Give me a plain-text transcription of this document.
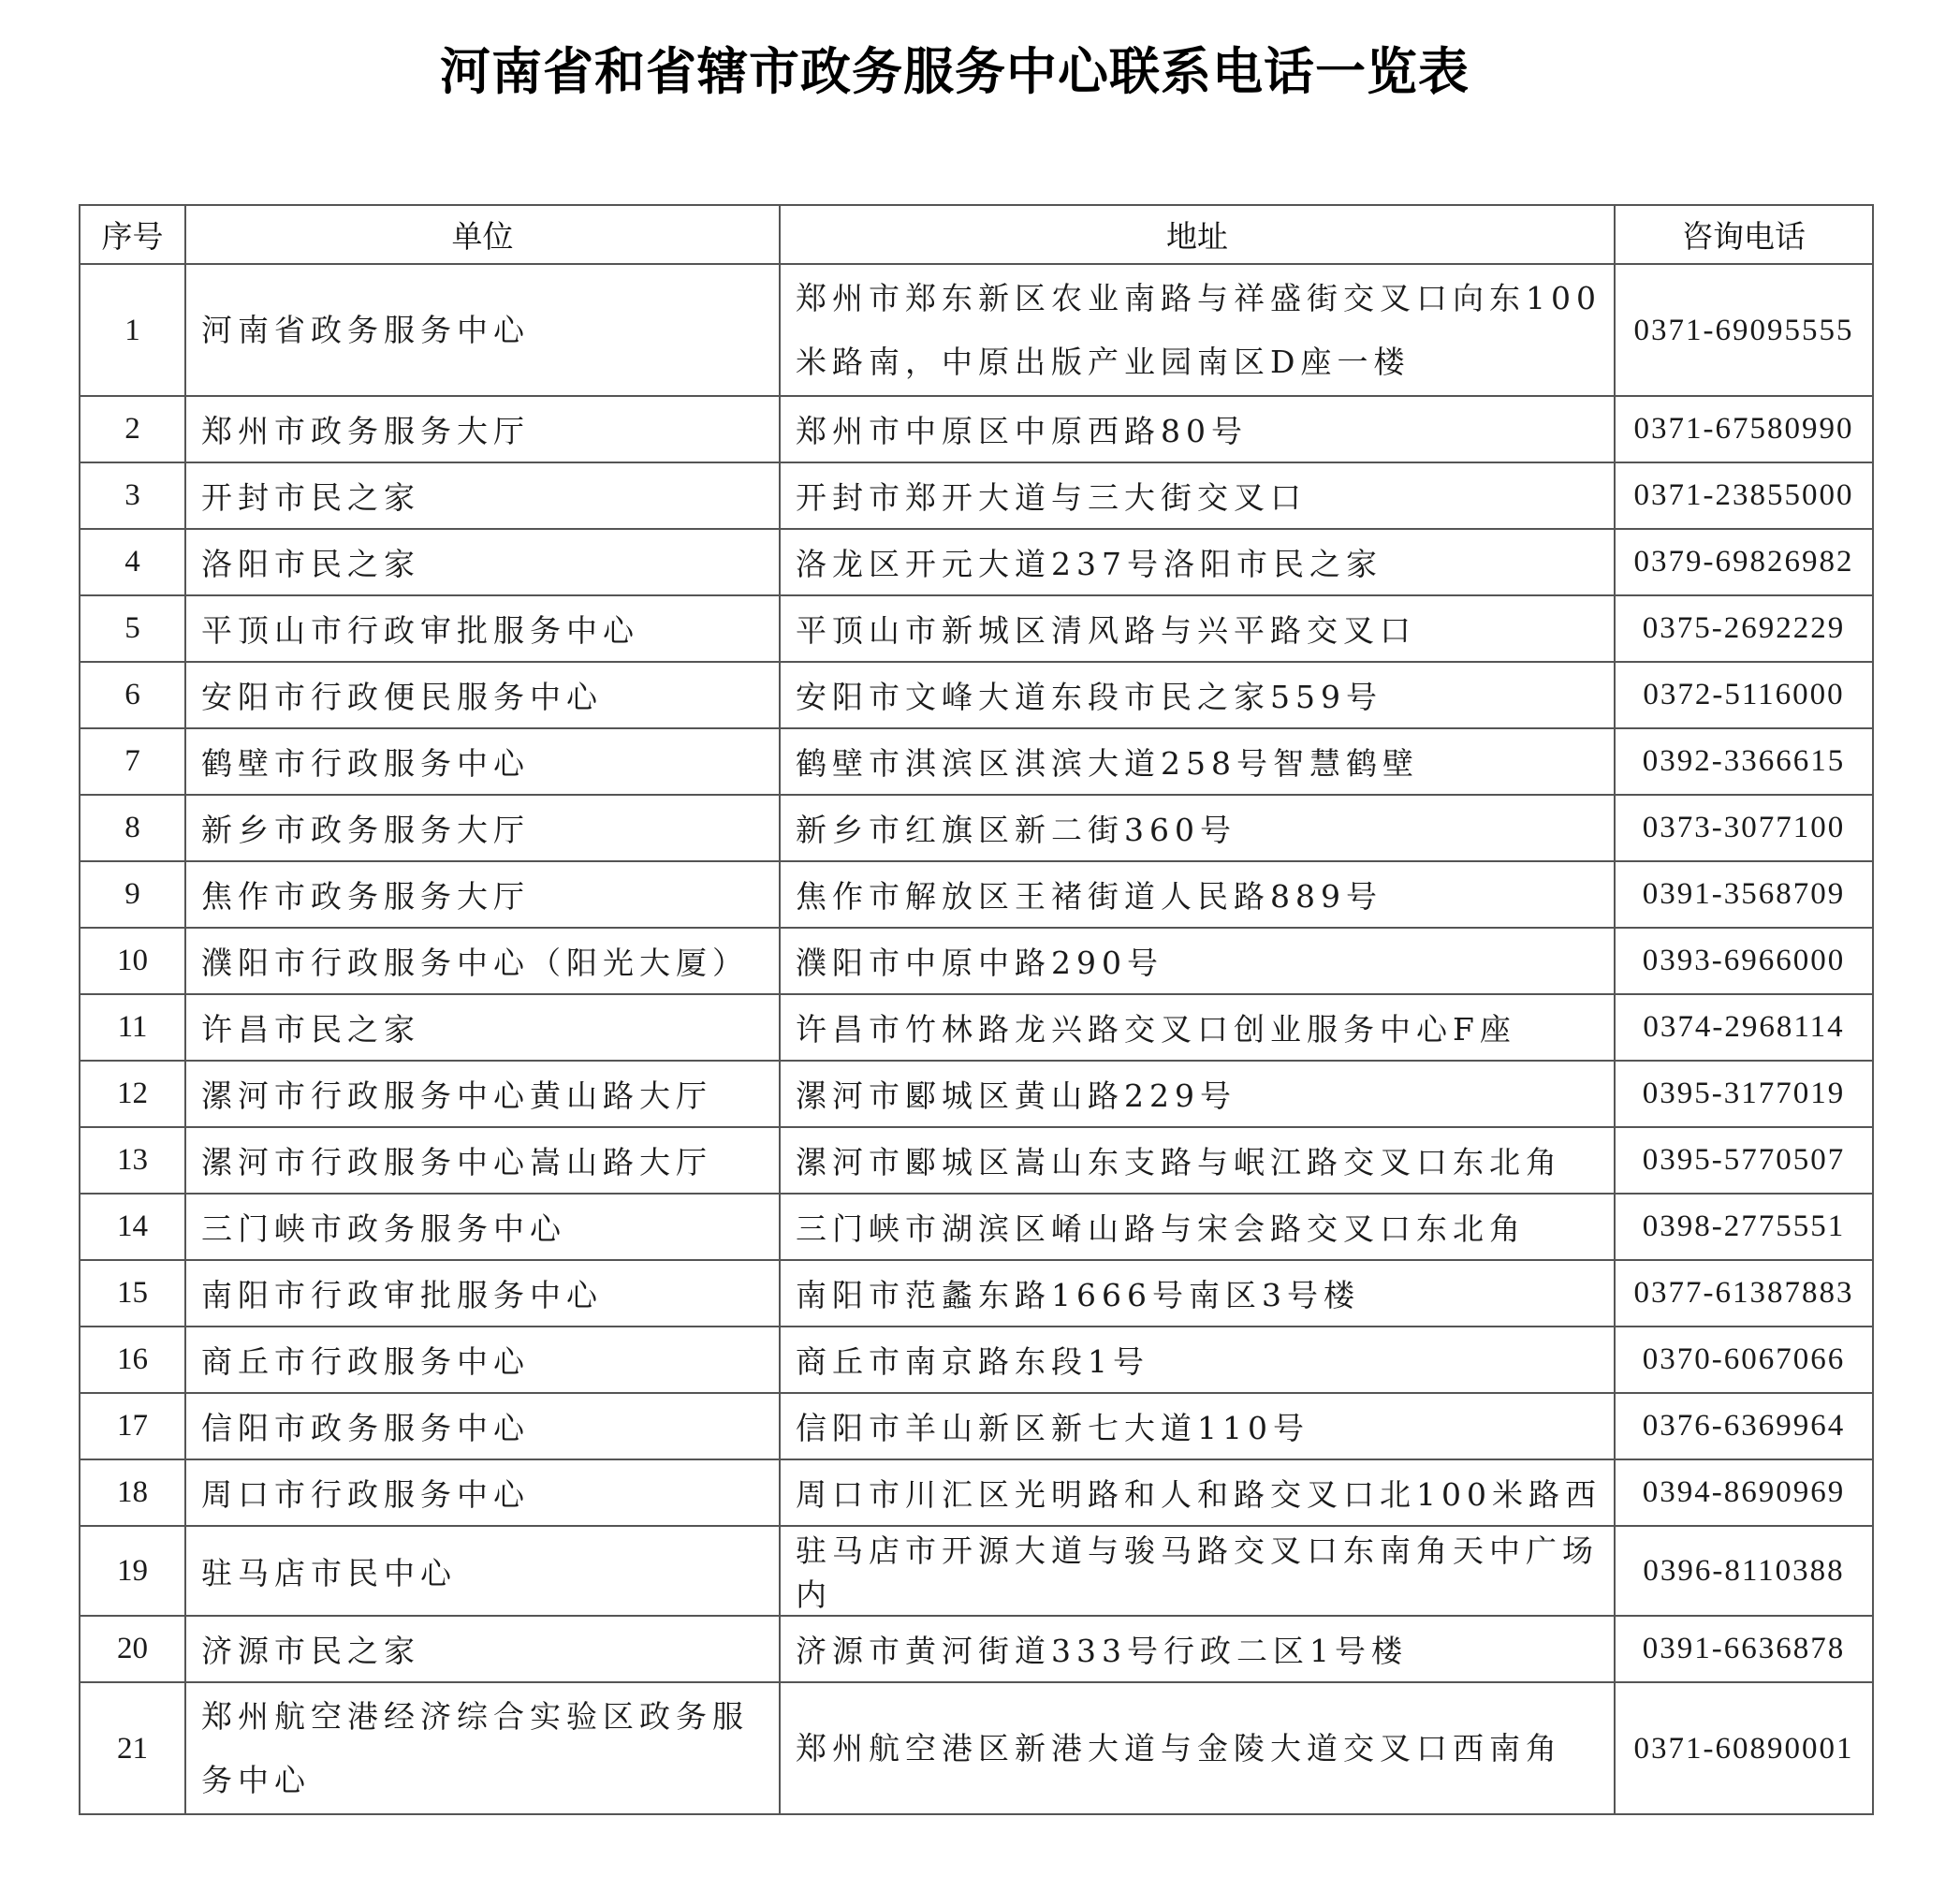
河南省和省辖市政务服务中心联系电话一览表
序号	单位	地址	咨询电话
1	河南省政务服务中心	郑州市郑东新区农业南路与祥盛街交叉口向东100米路南，中原出版产业园南区D座一楼	0371-69095555
2	郑州市政务服务大厅	郑州市中原区中原西路80号	0371-67580990
3	开封市民之家	开封市郑开大道与三大街交叉口	0371-23855000
4	洛阳市民之家	洛龙区开元大道237号洛阳市民之家	0379-69826982
5	平顶山市行政审批服务中心	平顶山市新城区清风路与兴平路交叉口	0375-2692229
6	安阳市行政便民服务中心	安阳市文峰大道东段市民之家559号	0372-5116000
7	鹤壁市行政服务中心	鹤壁市淇滨区淇滨大道258号智慧鹤壁	0392-3366615
8	新乡市政务服务大厅	新乡市红旗区新二街360号	0373-3077100
9	焦作市政务服务大厅	焦作市解放区王褚街道人民路889号	0391-3568709
10	濮阳市行政服务中心（阳光大厦）	濮阳市中原中路290号	0393-6966000
11	许昌市民之家	许昌市竹林路龙兴路交叉口创业服务中心F座	0374-2968114
12	漯河市行政服务中心黄山路大厅	漯河市郾城区黄山路229号	0395-3177019
13	漯河市行政服务中心嵩山路大厅	漯河市郾城区嵩山东支路与岷江路交叉口东北角	0395-5770507
14	三门峡市政务服务中心	三门峡市湖滨区崤山路与宋会路交叉口东北角	0398-2775551
15	南阳市行政审批服务中心	南阳市范蠡东路1666号南区3号楼	0377-61387883
16	商丘市行政服务中心	商丘市南京路东段1号	0370-6067066
17	信阳市政务服务中心	信阳市羊山新区新七大道110号	0376-6369964
18	周口市行政服务中心	周口市川汇区光明路和人和路交叉口北100米路西	0394-8690969
19	驻马店市民中心	驻马店市开源大道与骏马路交叉口东南角天中广场内	0396-8110388
20	济源市民之家	济源市黄河街道333号行政二区1号楼	0391-6636878
21	郑州航空港经济综合实验区政务服务中心	郑州航空港区新港大道与金陵大道交叉口西南角	0371-60890001
